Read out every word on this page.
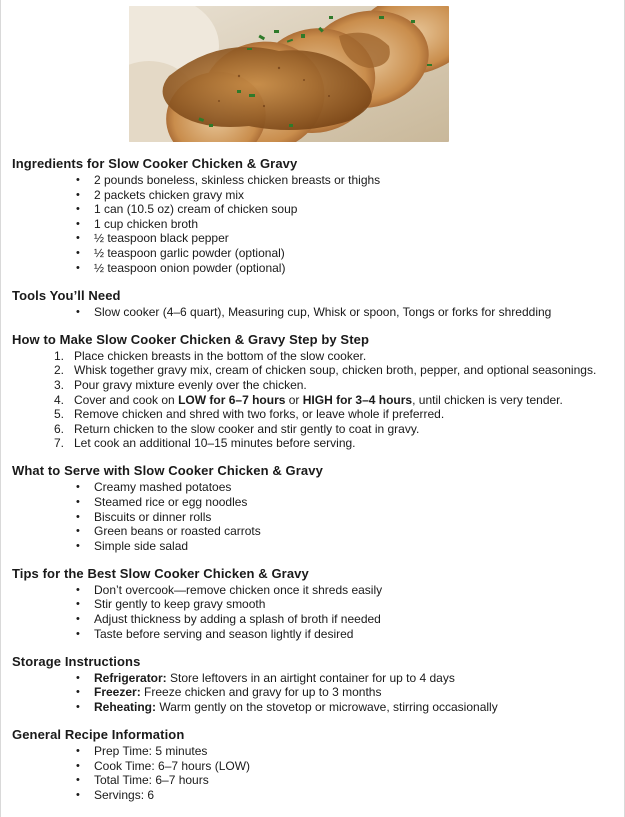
Ingredients for Slow Cooker Chicken & Gravy
• 2 pounds boneless, skinless chicken breasts or thighs
• 2 packets chicken gravy mix
• 1 can (10.5 oz) cream of chicken soup
• 1 cup chicken broth
• ½ teaspoon black pepper
• ½ teaspoon garlic powder (optional)
• ½ teaspoon onion powder (optional)
Tools You’ll Need
• Slow cooker (4–6 quart), Measuring cup, Whisk or spoon, Tongs or forks for shredding
How to Make Slow Cooker Chicken & Gravy Step by Step
1. Place chicken breasts in the bottom of the slow cooker.
2. Whisk together gravy mix, cream of chicken soup, chicken broth, pepper, and optional seasonings.
3. Pour gravy mixture evenly over the chicken.
4. Cover and cook on LOW for 6–7 hours or HIGH for 3–4 hours, until chicken is very tender.
5. Remove chicken and shred with two forks, or leave whole if preferred.
6. Return chicken to the slow cooker and stir gently to coat in gravy.
7. Let cook an additional 10–15 minutes before serving.
What to Serve with Slow Cooker Chicken & Gravy
• Creamy mashed potatoes
• Steamed rice or egg noodles
• Biscuits or dinner rolls
• Green beans or roasted carrots
• Simple side salad
Tips for the Best Slow Cooker Chicken & Gravy
• Don’t overcook—remove chicken once it shreds easily
• Stir gently to keep gravy smooth
• Adjust thickness by adding a splash of broth if needed
• Taste before serving and season lightly if desired
Storage Instructions
• Refrigerator: Store leftovers in an airtight container for up to 4 days
• Freezer: Freeze chicken and gravy for up to 3 months
• Reheating: Warm gently on the stovetop or microwave, stirring occasionally
General Recipe Information
• Prep Time: 5 minutes
• Cook Time: 6–7 hours (LOW)
• Total Time: 6–7 hours
• Servings: 6
